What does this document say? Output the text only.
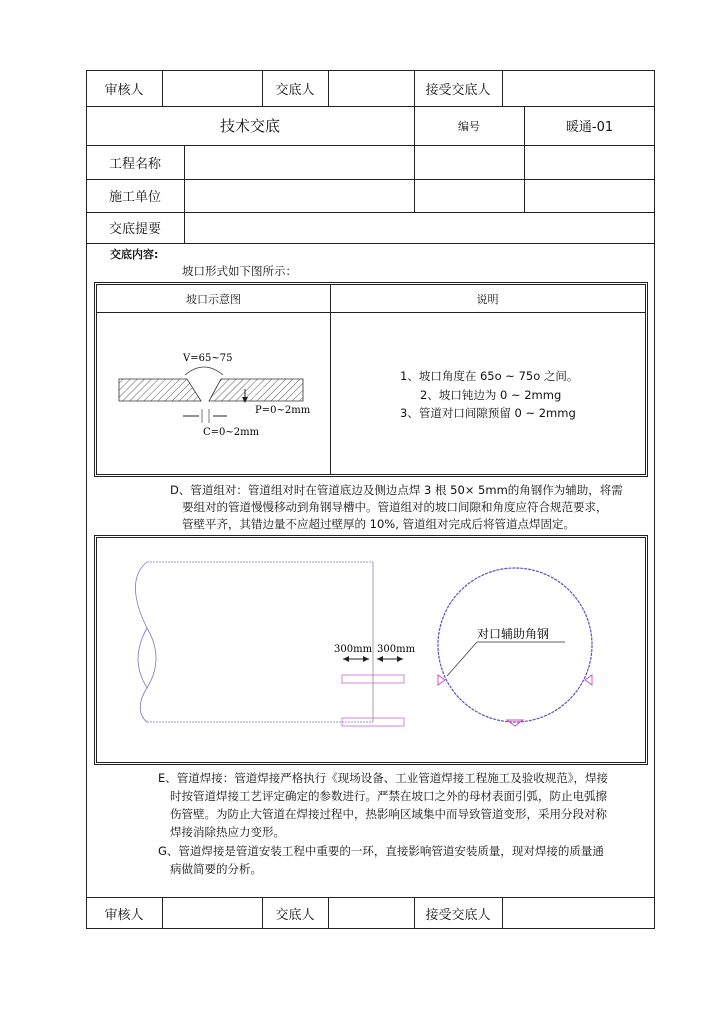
审核人	交底人	接受交底人
技术交底	编号	暖通-01
工程名称
施工单位
交底提要
交底内容:
坡口形式如下图所示：
坡口示意图	说明
V=65~75
P=0~2mm
C=0~2mm
1、坡口角度在 65o ~ 75o 之间。
2、坡口钝边为 0 ~ 2mmg
3、管道对口间隙预留 0 ~ 2mmg
D、管道组对：管道组对时在管道底边及侧边点焊 3 根 50× 5mm的角钢作为辅助，将需
要组对的管道慢慢移动到角钢导槽中。管道组对的坡口间隙和角度应符合规范要求，
管壁平齐，其错边量不应超过壁厚的 10%, 管道组对完成后将管道点焊固定。
300mm 300mm
对口辅助角钢
E、管道焊接：管道焊接严格执行《现场设备、工业管道焊接工程施工及验收规范》，焊接
时按管道焊接工艺评定确定的参数进行。严禁在坡口之外的母材表面引弧，防止电弧擦
伤管壁。为防止大管道在焊接过程中，热影响区域集中而导致管道变形，采用分段对称
焊接消除热应力变形。
G、管道焊接是管道安装工程中重要的一环，直接影响管道安装质量，现对焊接的质量通
病做简要的分析。
审核人	交底人	接受交底人
